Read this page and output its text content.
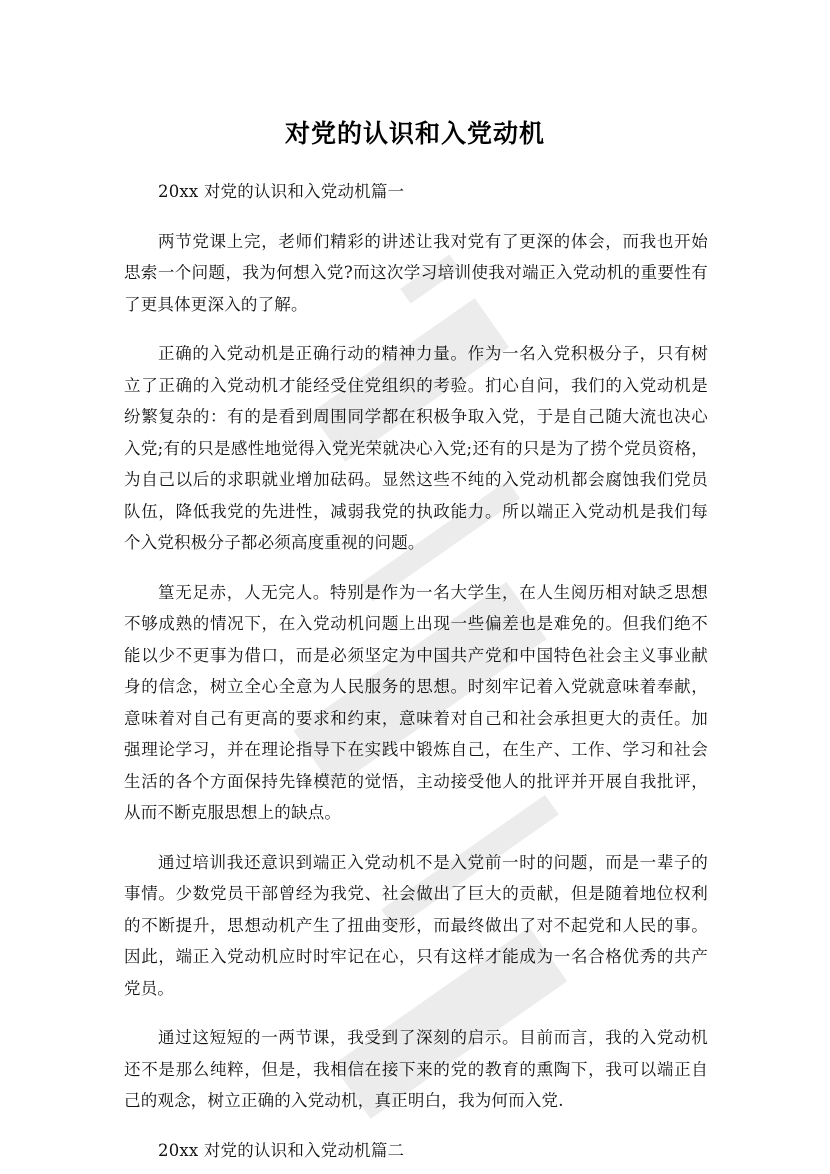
对党的认识和入党动机

20xx 对党的认识和入党动机篇一

两节党课上完，老师们精彩的讲述让我对党有了更深的体会，而我也开始思索一个问题，我为何想入党?而这次学习培训使我对端正入党动机的重要性有了更具体更深入的了解。

正确的入党动机是正确行动的精神力量。作为一名入党积极分子，只有树立了正确的入党动机才能经受住党组织的考验。扪心自问，我们的入党动机是纷繁复杂的：有的是看到周围同学都在积极争取入党，于是自己随大流也决心入党;有的只是感性地觉得入党光荣就决心入党;还有的只是为了捞个党员资格，为自己以后的求职就业增加砝码。显然这些不纯的入党动机都会腐蚀我们党员队伍，降低我党的先进性，减弱我党的执政能力。所以端正入党动机是我们每个入党积极分子都必须高度重视的问题。

篁无足赤，人无完人。特别是作为一名大学生，在人生阅历相对缺乏思想不够成熟的情况下，在入党动机问题上出现一些偏差也是难免的。但我们绝不能以少不更事为借口，而是必须坚定为中国共产党和中国特色社会主义事业献身的信念，树立全心全意为人民服务的思想。时刻牢记着入党就意味着奉献，意味着对自己有更高的要求和约束，意味着对自己和社会承担更大的责任。加强理论学习，并在理论指导下在实践中锻炼自己，在生产、工作、学习和社会生活的各个方面保持先锋模范的觉悟，主动接受他人的批评并开展自我批评，从而不断克服思想上的缺点。

通过培训我还意识到端正入党动机不是入党前一时的问题，而是一辈子的事情。少数党员干部曾经为我党、社会做出了巨大的贡献，但是随着地位权利的不断提升，思想动机产生了扭曲变形，而最终做出了对不起党和人民的事。因此，端正入党动机应时时牢记在心，只有这样才能成为一名合格优秀的共产党员。

通过这短短的一两节课，我受到了深刻的启示。目前而言，我的入党动机还不是那么纯粹，但是，我相信在接下来的党的教育的熏陶下，我可以端正自己的观念，树立正确的入党动机，真正明白，我为何而入党.

20xx 对党的认识和入党动机篇二
